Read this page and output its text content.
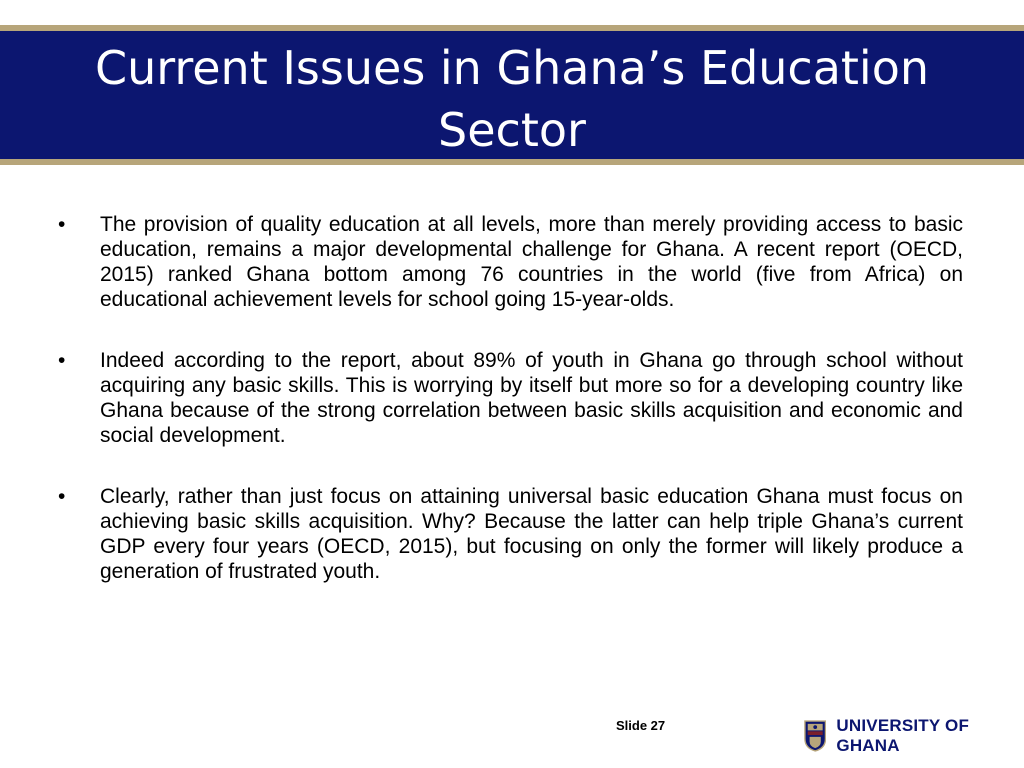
Current Issues in Ghana’s Education Sector
•	The provision of quality education at all levels, more than merely providing access to basic education, remains a major developmental challenge for Ghana. A recent report (OECD, 2015) ranked Ghana bottom among 76 countries in the world (five from Africa) on educational achievement levels for school going 15-year-olds.
•	Indeed according to the report, about 89% of youth in Ghana go through school without acquiring any basic skills. This is worrying by itself but more so for a developing country like Ghana because of the strong correlation between basic skills acquisition and economic and social development.
•	Clearly, rather than just focus on attaining universal basic education Ghana must focus on achieving basic skills acquisition. Why? Because the latter can help triple Ghana’s current GDP every four years (OECD, 2015), but focusing on only the former will likely produce a generation of frustrated youth.
Slide 27	UNIVERSITY OF GHANA
